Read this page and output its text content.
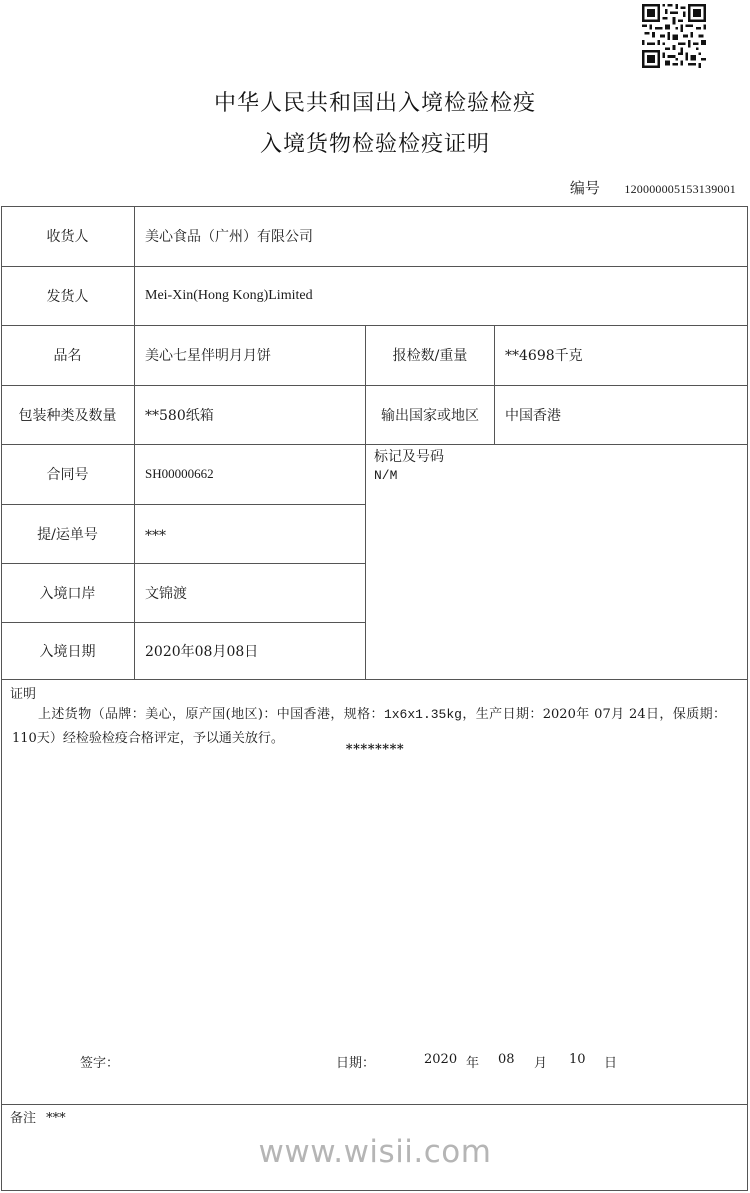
中华人民共和国出入境检验检疫
入境货物检验检疫证明
编号 120000005153139001
收货人	美心食品（广州）有限公司
发货人	Mei-Xin(Hong Kong)Limited
品名	美心七星伴明月月饼	报检数/重量	**4698千克
包装种类及数量	**580纸箱	输出国家或地区	中国香港
合同号	SH00000662
标记及号码
N/M
提/运单号	***
入境口岸	文锦渡
入境日期	2020年08月08日
证明
上述货物（品牌：美心，原产国(地区)：中国香港，规格：1x6x1.35kg，生产日期：2020年 07月 24日，保质期：110天）经检验检疫合格评定，予以通关放行。
********
签字：	日期：	2020 年 08 月 10 日
备注 ***
www.wisii.com
